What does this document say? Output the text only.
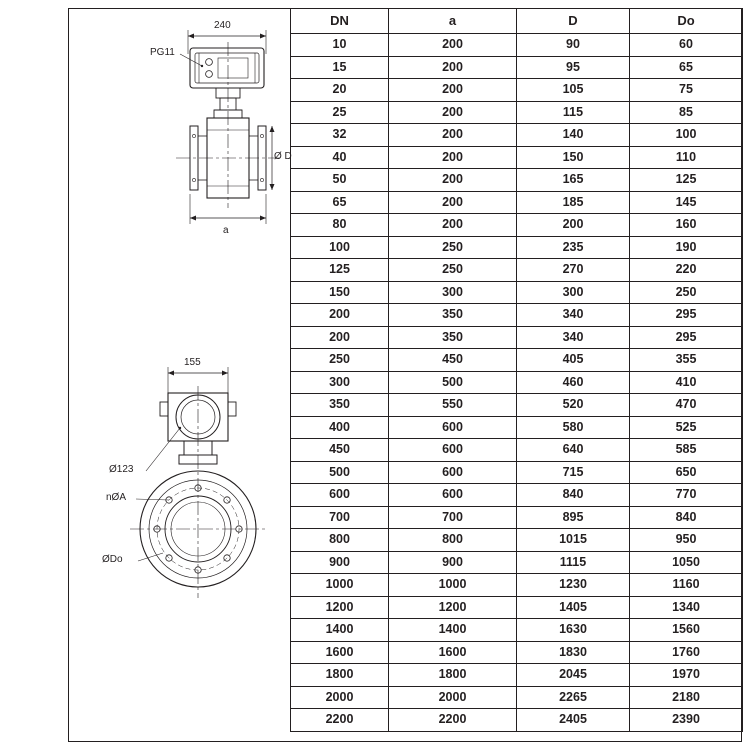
240
PG11
Ø D
a
155
Ø123
nØA
ØDo
DN	a	D	Do
10	200	90	60
15	200	95	65
20	200	105	75
25	200	115	85
32	200	140	100
40	200	150	110
50	200	165	125
65	200	185	145
80	200	200	160
100	250	235	190
125	250	270	220
150	300	300	250
200	350	340	295
200	350	340	295
250	450	405	355
300	500	460	410
350	550	520	470
400	600	580	525
450	600	640	585
500	600	715	650
600	600	840	770
700	700	895	840
800	800	1015	950
900	900	1115	1050
1000	1000	1230	1160
1200	1200	1405	1340
1400	1400	1630	1560
1600	1600	1830	1760
1800	1800	2045	1970
2000	2000	2265	2180
2200	2200	2405	2390
